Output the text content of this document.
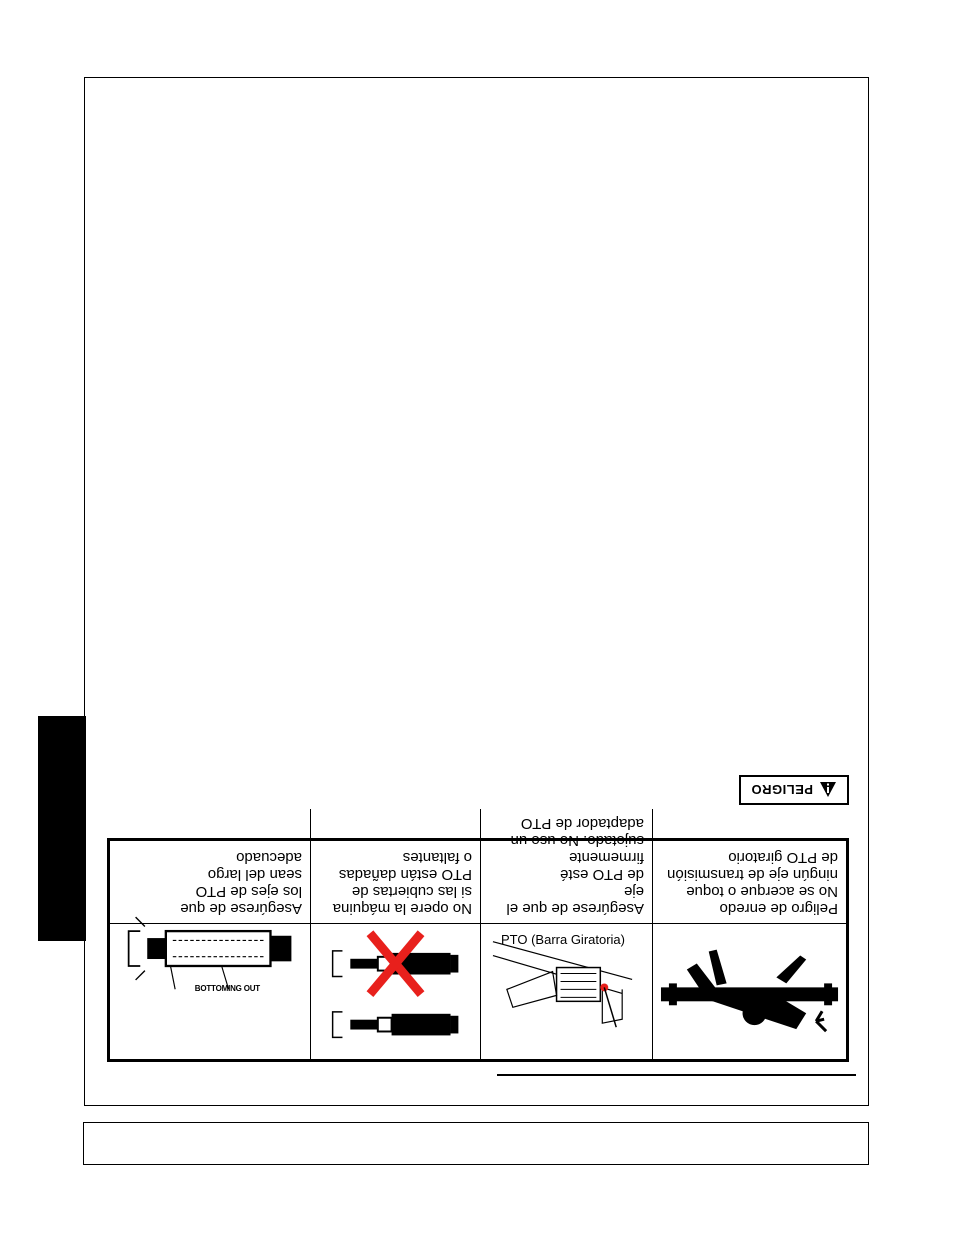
PTO (Barra Giratoria)
BOTTOMING OUT
Peligro de enredo
No se acerque o toque
ningún eje de transmisión
de PTO giratorio
Asegúrese de que el eje
de PTO esté firmemente
sujetado. No use un
adaptador de PTO
No opere la máquina
si las cubiertas de
PTO están dañadas
o faltantes
Asegúrese de que
los ejes de PTO
sean del largo
adecuado
PELIGRO
